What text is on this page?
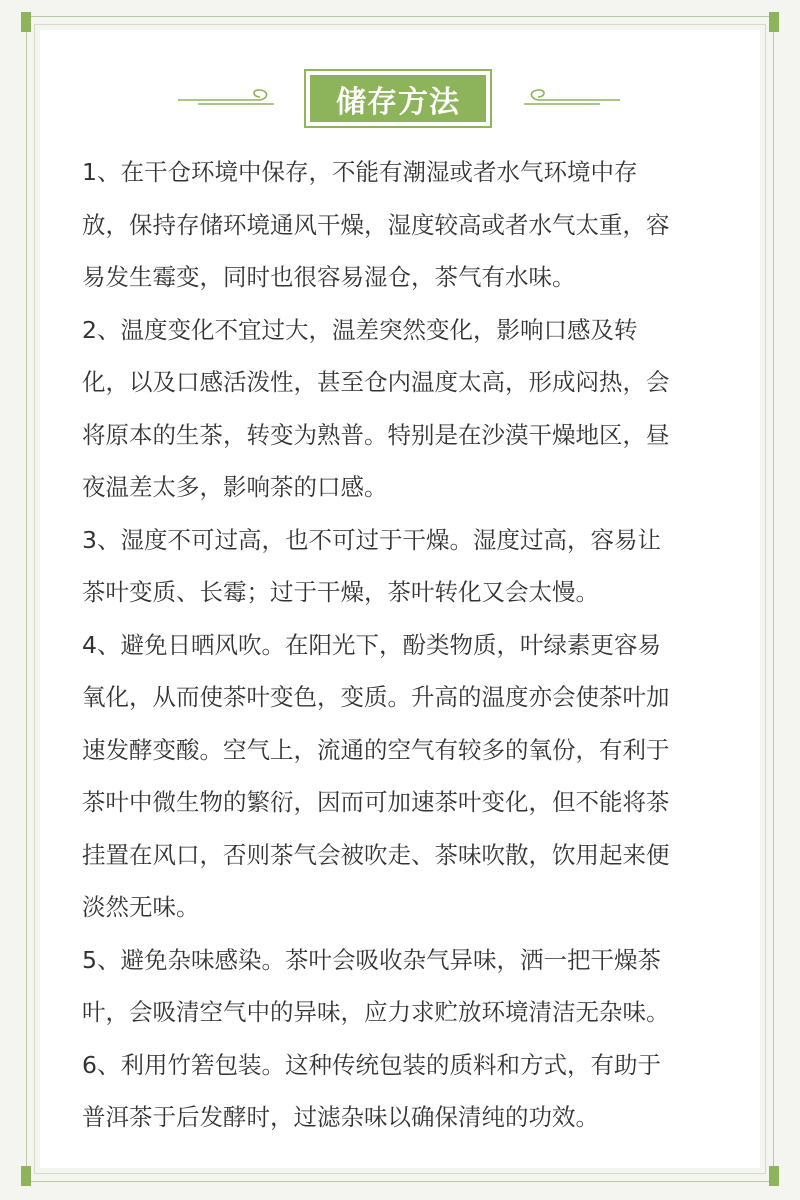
储存方法

1、在干仓环境中保存，不能有潮湿或者水气环境中存
放，保持存储环境通风干燥，湿度较高或者水气太重，容
易发生霉变，同时也很容易湿仓，茶气有水味。

2、温度变化不宜过大，温差突然变化，影响口感及转
化，以及口感活泼性，甚至仓内温度太高，形成闷热，会
将原本的生茶，转变为熟普。特别是在沙漠干燥地区，昼
夜温差太多，影响茶的口感。

3、湿度不可过高，也不可过于干燥。湿度过高，容易让
茶叶变质、长霉；过于干燥，茶叶转化又会太慢。

4、避免日晒风吹。在阳光下，酚类物质，叶绿素更容易
氧化，从而使茶叶变色，变质。升高的温度亦会使茶叶加
速发酵变酸。空气上，流通的空气有较多的氧份，有利于
茶叶中微生物的繁衍，因而可加速茶叶变化，但不能将茶
挂置在风口，否则茶气会被吹走、茶味吹散，饮用起来便
淡然无味。

5、避免杂味感染。茶叶会吸收杂气异味，洒一把干燥茶
叶，会吸清空气中的异味，应力求贮放环境清洁无杂味。

6、利用竹箬包装。这种传统包装的质料和方式，有助于
普洱茶于后发酵时，过滤杂味以确保清纯的功效。
